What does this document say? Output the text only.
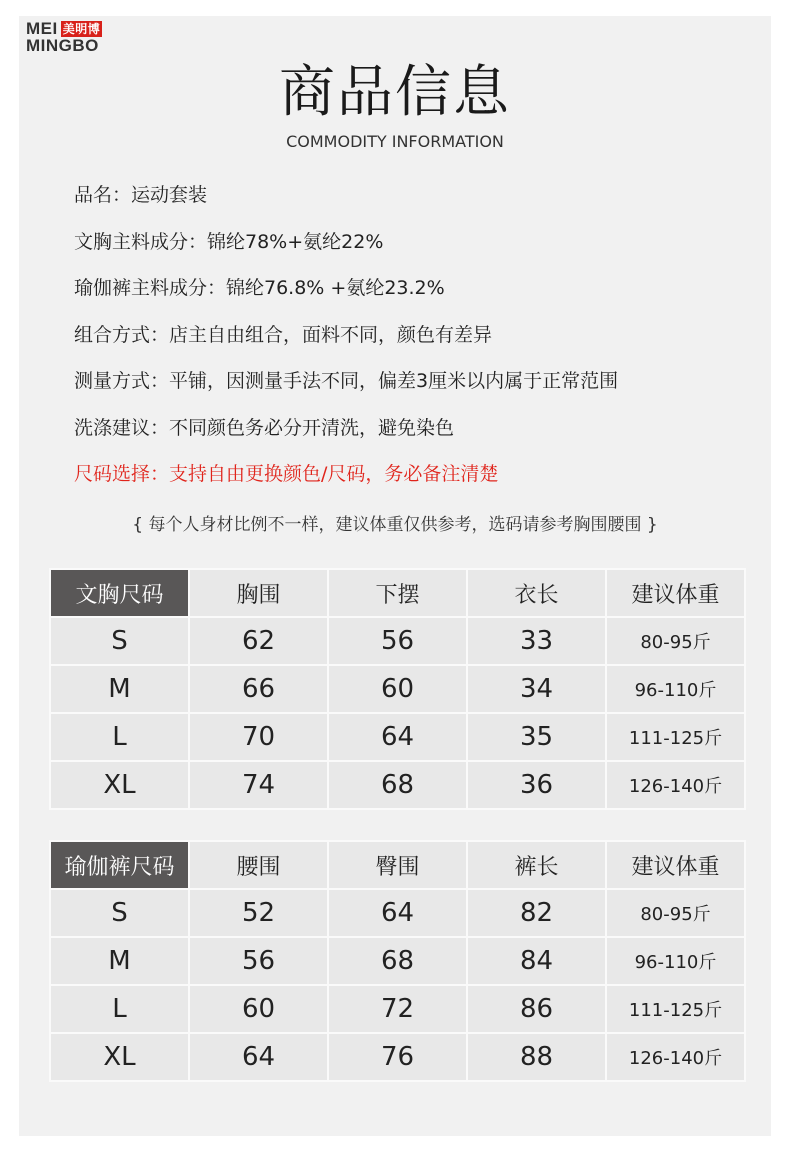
MEI 美明博
MINGBO
商品信息
COMMODITY INFORMATION
品名：运动套装
文胸主料成分：锦纶78%+氨纶22%
瑜伽裤主料成分：锦纶76.8% +氨纶23.2%
组合方式：店主自由组合，面料不同，颜色有差异
测量方式：平铺，因测量手法不同，偏差3厘米以内属于正常范围
洗涤建议：不同颜色务必分开清洗，避免染色
尺码选择：支持自由更换颜色/尺码，务必备注清楚
{ 每个人身材比例不一样，建议体重仅供参考，选码请参考胸围腰围 }
文胸尺码	胸围	下摆	衣长	建议体重
S	62	56	33	80-95斤
M	66	60	34	96-110斤
L	70	64	35	111-125斤
XL	74	68	36	126-140斤
瑜伽裤尺码	腰围	臀围	裤长	建议体重
S	52	64	82	80-95斤
M	56	68	84	96-110斤
L	60	72	86	111-125斤
XL	64	76	88	126-140斤
